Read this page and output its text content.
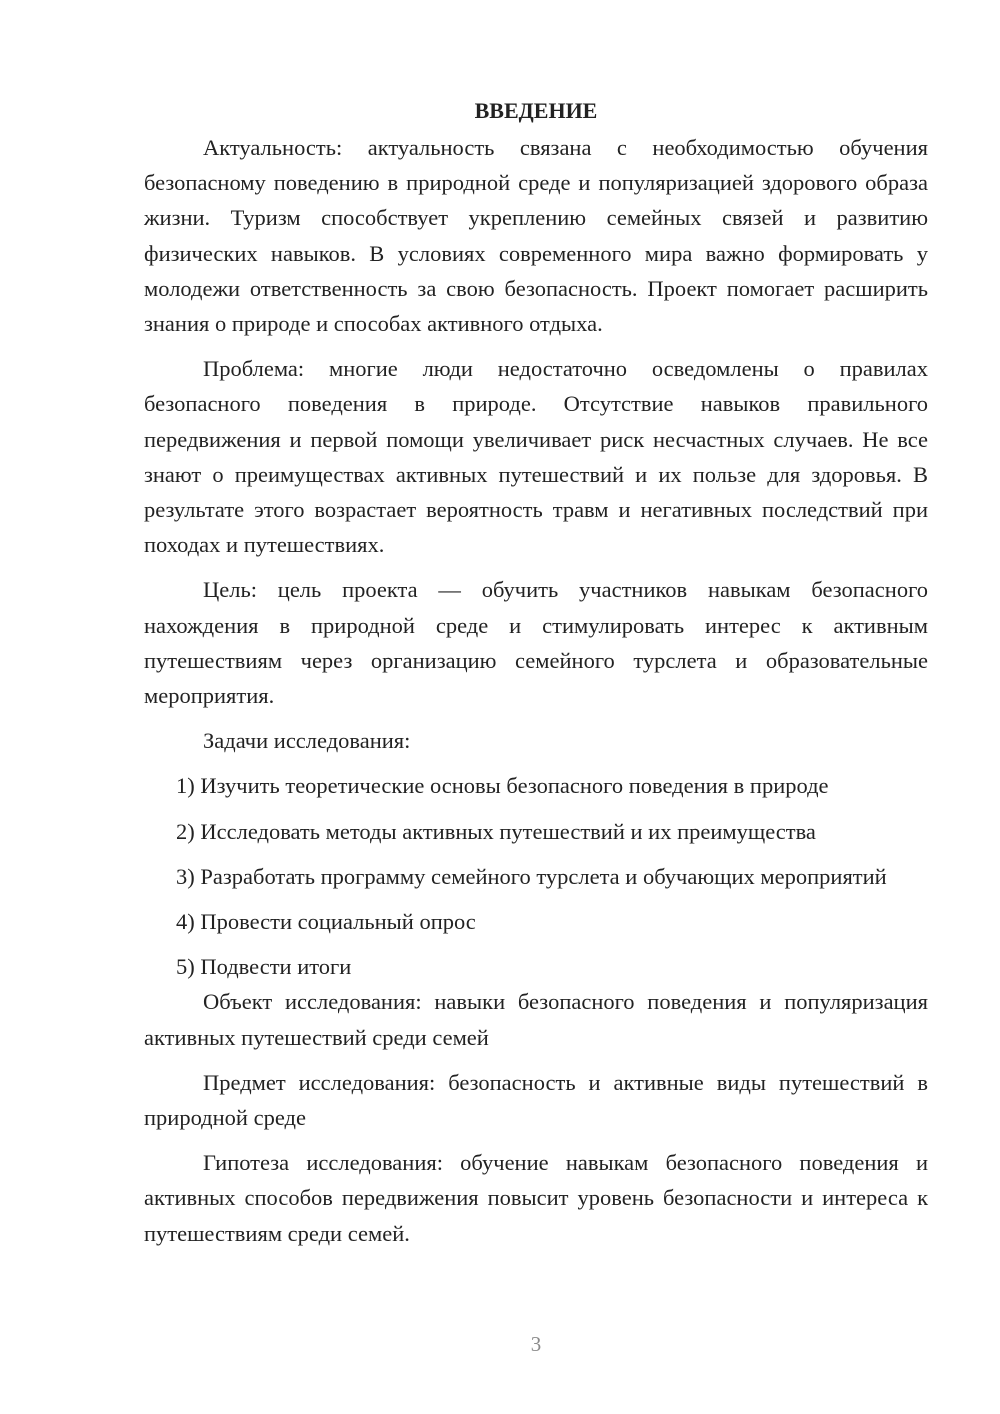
ВВЕДЕНИЕ

Актуальность: актуальность связана с необходимостью обучения безопасному поведению в природной среде и популяризацией здорового образа жизни. Туризм способствует укреплению семейных связей и развитию физических навыков. В условиях современного мира важно формировать у молодежи ответственность за свою безопасность. Проект помогает расширить знания о природе и способах активного отдыха.

Проблема: многие люди недостаточно осведомлены о правилах безопасного поведения в природе. Отсутствие навыков правильного передвижения и первой помощи увеличивает риск несчастных случаев. Не все знают о преимуществах активных путешествий и их пользе для здоровья. В результате этого возрастает вероятность травм и негативных последствий при походах и путешествиях.

Цель: цель проекта — обучить участников навыкам безопасного нахождения в природной среде и стимулировать интерес к активным путешествиям через организацию семейного турслета и образовательные мероприятия.

Задачи исследования:

1) Изучить теоретические основы безопасного поведения в природе

2) Исследовать методы активных путешествий и их преимущества

3) Разработать программу семейного турслета и обучающих мероприятий

4) Провести социальный опрос

5) Подвести итоги

Объект исследования: навыки безопасного поведения и популяризация активных путешествий среди семей

Предмет исследования: безопасность и активные виды путешествий в природной среде

Гипотеза исследования: обучение навыкам безопасного поведения и активных способов передвижения повысит уровень безопасности и интереса к путешествиям среди семей.

3
